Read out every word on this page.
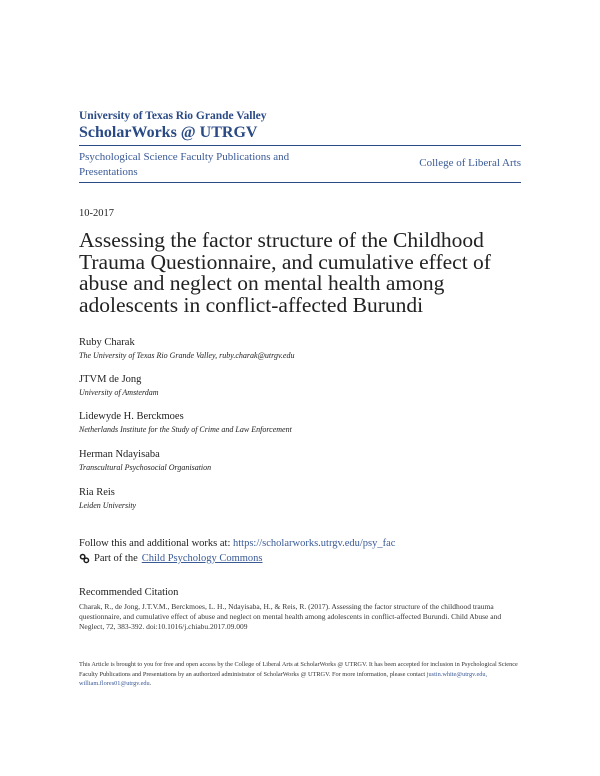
University of Texas Rio Grande Valley
ScholarWorks @ UTRGV
Psychological Science Faculty Publications and Presentations
College of Liberal Arts
10-2017
Assessing the factor structure of the Childhood Trauma Questionnaire, and cumulative effect of abuse and neglect on mental health among adolescents in conflict-affected Burundi
Ruby Charak
The University of Texas Rio Grande Valley, ruby.charak@utrgv.edu
JTVM de Jong
University of Amsterdam
Lidewyde H. Berckmoes
Netherlands Institute for the Study of Crime and Law Enforcement
Herman Ndayisaba
Transcultural Psychosocial Organisation
Ria Reis
Leiden University
Follow this and additional works at: https://scholarworks.utrgv.edu/psy_fac
Part of the Child Psychology Commons
Recommended Citation
Charak, R., de Jong, J.T.V.M., Berckmoes, L. H., Ndayisaba, H., & Reis, R. (2017). Assessing the factor structure of the childhood trauma questionnaire, and cumulative effect of abuse and neglect on mental health among adolescents in conflict-affected Burundi. Child Abuse and Neglect, 72, 383-392. doi:10.1016/j.chiabu.2017.09.009
This Article is brought to you for free and open access by the College of Liberal Arts at ScholarWorks @ UTRGV. It has been accepted for inclusion in Psychological Science Faculty Publications and Presentations by an authorized administrator of ScholarWorks @ UTRGV. For more information, please contact justin.white@utrgv.edu, william.flores01@utrgv.edu.
